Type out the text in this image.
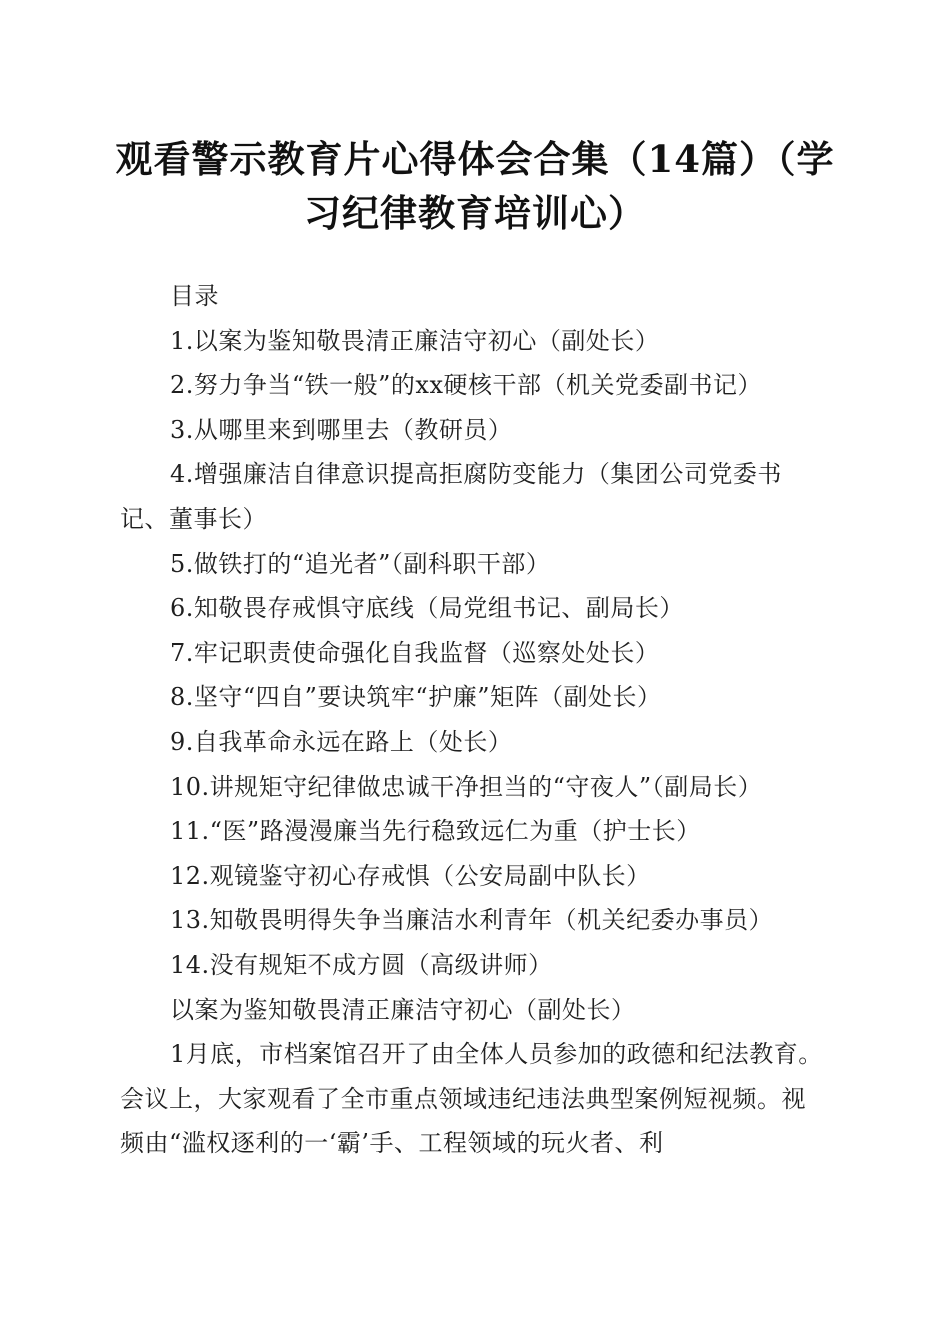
观看警示教育片心得体会合集（14篇）（学习纪律教育培训心）

目录

1.以案为鉴知敬畏清正廉洁守初心（副处长）

2.努力争当“铁一般”的xx硬核干部（机关党委副书记）

3.从哪里来到哪里去（教研员）

4.增强廉洁自律意识提高拒腐防变能力（集团公司党委书记、董事长）

5.做铁打的“追光者”（副科职干部）

6.知敬畏存戒惧守底线（局党组书记、副局长）

7.牢记职责使命强化自我监督（巡察处处长）

8.坚守“四自”要诀筑牢“护廉”矩阵（副处长）

9.自我革命永远在路上（处长）

10.讲规矩守纪律做忠诚干净担当的“守夜人”（副局长）

11.“医”路漫漫廉当先行稳致远仁为重（护士长）

12.观镜鉴守初心存戒惧（公安局副中队长）

13.知敬畏明得失争当廉洁水利青年（机关纪委办事员）

14.没有规矩不成方圆（高级讲师）

以案为鉴知敬畏清正廉洁守初心（副处长）

1月底，市档案馆召开了由全体人员参加的政德和纪法教育。会议上，大家观看了全市重点领域违纪违法典型案例短视频。视频由“滥权逐利的一‘霸’手、工程领域的玩火者、利
